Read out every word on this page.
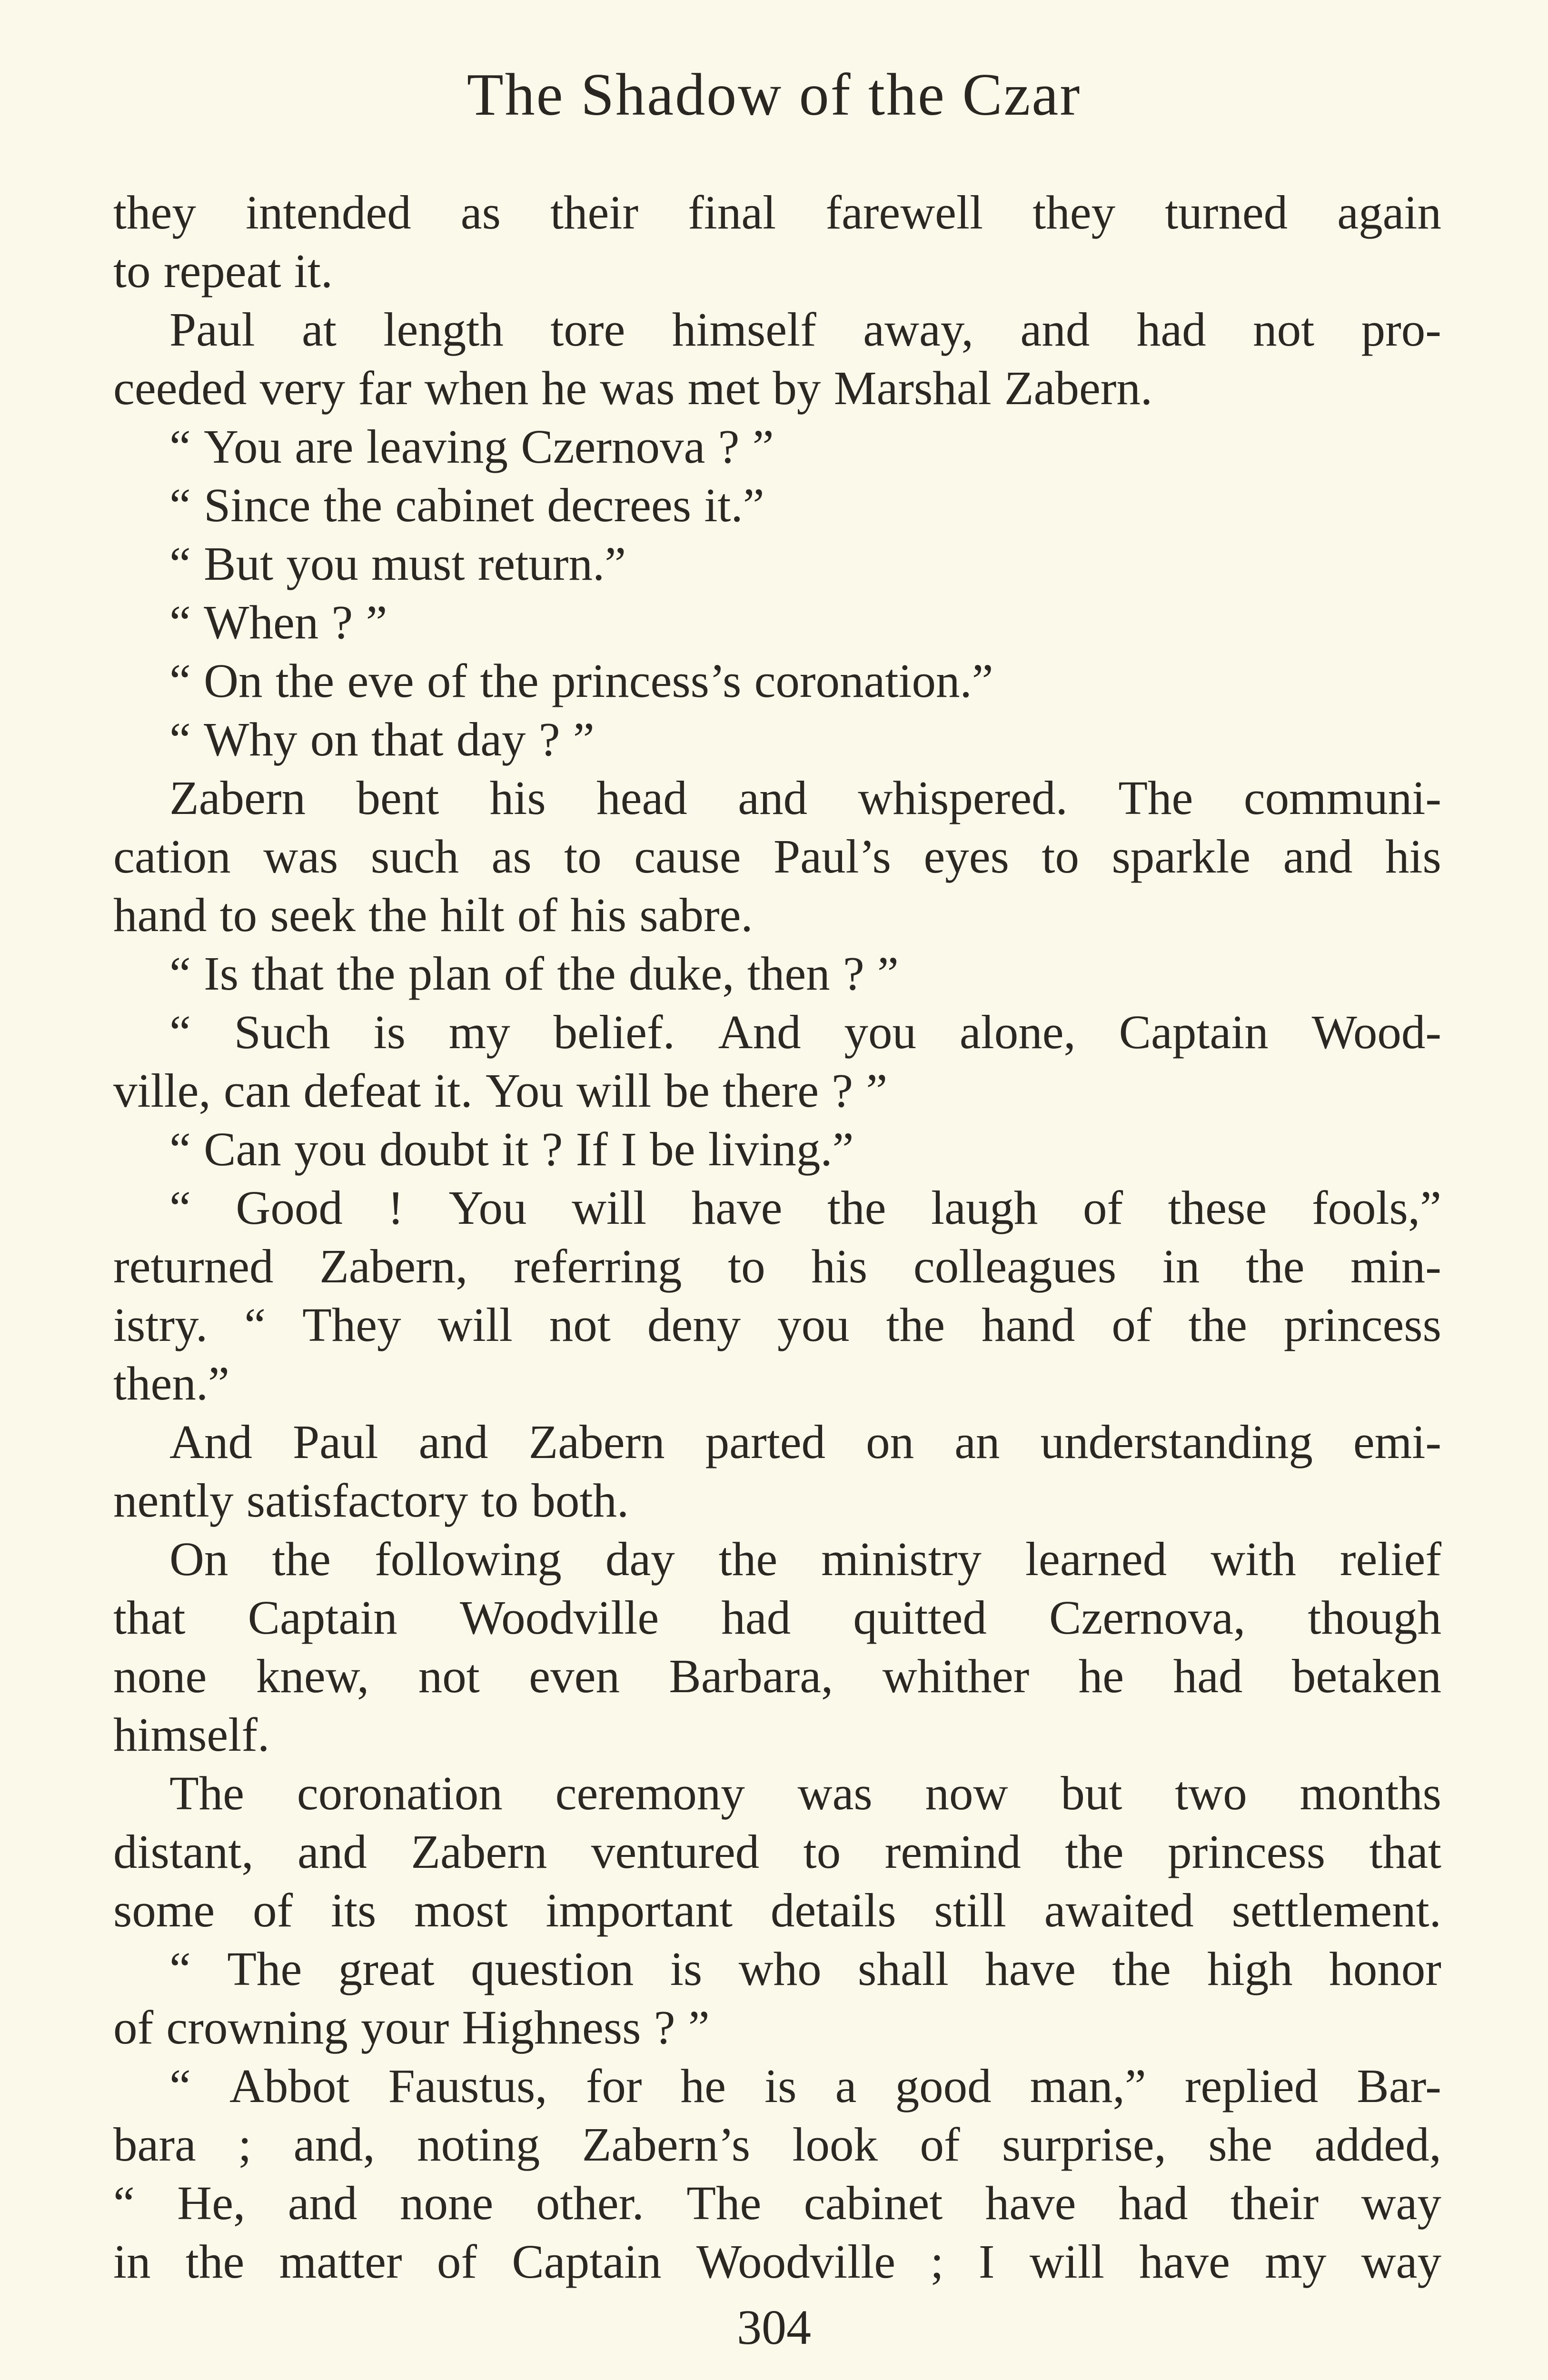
The Shadow of the Czar
they intended as their final farewell they turned again
to repeat it.
Paul at length tore himself away, and had not pro-
ceeded very far when he was met by Marshal Zabern.
“ You are leaving Czernova ? ”
“ Since the cabinet decrees it.”
“ But you must return.”
“ When ? ”
“ On the eve of the princess’s coronation.”
“ Why on that day ? ”
Zabern bent his head and whispered. The communi-
cation was such as to cause Paul’s eyes to sparkle and his
hand to seek the hilt of his sabre.
“ Is that the plan of the duke, then ? ”
“ Such is my belief. And you alone, Captain Wood-
ville, can defeat it. You will be there ? ”
“ Can you doubt it ? If I be living.”
“ Good ! You will have the laugh of these fools,”
returned Zabern, referring to his colleagues in the min-
istry. “ They will not deny you the hand of the princess
then.”
And Paul and Zabern parted on an understanding emi-
nently satisfactory to both.
On the following day the ministry learned with relief
that Captain Woodville had quitted Czernova, though
none knew, not even Barbara, whither he had betaken
himself.
The coronation ceremony was now but two months
distant, and Zabern ventured to remind the princess that
some of its most important details still awaited settlement.
“ The great question is who shall have the high honor
of crowning your Highness ? ”
“ Abbot Faustus, for he is a good man,” replied Bar-
bara ; and, noting Zabern’s look of surprise, she added,
“ He, and none other. The cabinet have had their way
in the matter of Captain Woodville ; I will have my way
304
